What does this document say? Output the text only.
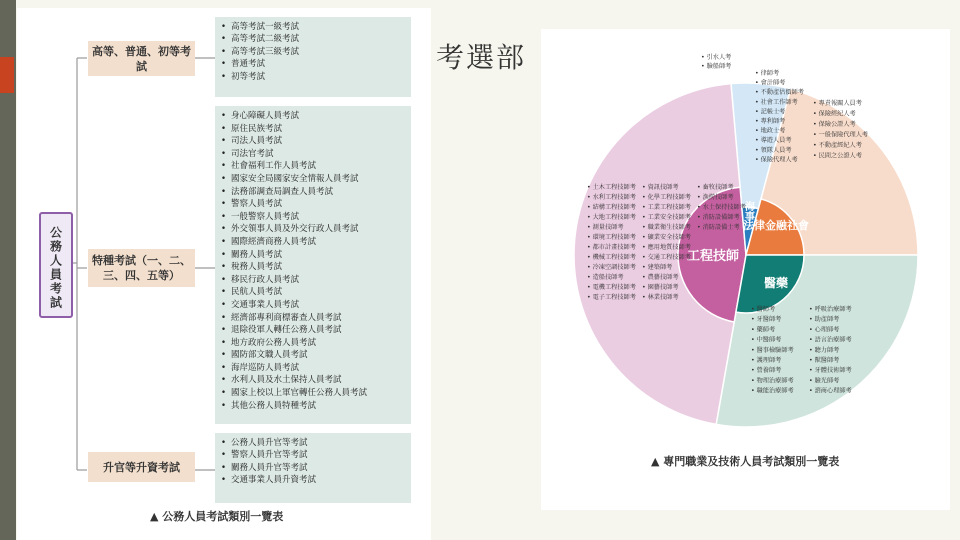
公務人員考試
高等、普通、初等考試
特種考試（一、二、三、四、五等）
升官等升資考試
• 高等考試一級考試
• 高等考試二級考試
• 高等考試三級考試
• 普通考試
• 初等考試
• 身心障礙人員考試
• 原住民族考試
• 司法人員考試
• 司法官考試
• 社會福利工作人員考試
• 國家安全局國家安全情報人員考試
• 法務部調查局調查人員考試
• 警察人員考試
• 一般警察人員考試
• 外交領事人員及外交行政人員考試
• 國際經濟商務人員考試
• 關務人員考試
• 稅務人員考試
• 移民行政人員考試
• 民航人員考試
• 交通事業人員考試
• 經濟部專利商標審查人員考試
• 退除役軍人轉任公務人員考試
• 地方政府公務人員考試
• 國防部文職人員考試
• 海岸巡防人員考試
• 水利人員及水土保持人員考試
• 國家上校以上軍官轉任公務人員考試
• 其他公務人員特種考試
• 公務人員升官等考試
• 警察人員升官等考試
• 關務人員升官等考試
• 交通事業人員升資考試
▲ 公務人員考試類別一覽表
考選部
工程技師
海事
法律金融社會
醫藥
• 引水人考
• 驗船師考
• 律師考
• 會計師考
• 不動產估價師考
• 社會工作師考
• 記帳士考
• 專利師考
• 地政士考
• 導遊人員考
• 領隊人員考
• 保險代理人考
• 專責報關人員考
• 保險經紀人考
• 保險公證人考
• 一般保險代理人考
• 不動產經紀人考
• 民間之公證人考
• 土木工程技師考
• 水利工程技師考
• 結構工程技師考
• 大地工程技師考
• 測量技師考
• 環境工程技師考
• 都市計畫技師考
• 機械工程技師考
• 冷凍空調技師考
• 造船技師考
• 電機工程技師考
• 電子工程技師考
• 資訊技師考
• 化學工程技師考
• 工業工程技師考
• 工業安全技師考
• 職業衛生技師考
• 礦業安全技師考
• 應用地質技師考
• 交通工程技師考
• 建築師考
• 農藝技師考
• 園藝技師考
• 林業技師考
• 畜牧技師考
• 漁撈技師考
• 水土保持技師考
• 消防設備師考
• 消防設備士考
• 醫師考
• 牙醫師考
• 藥師考
• 中醫師考
• 醫事檢驗師考
• 護理師考
• 營養師考
• 物理治療師考
• 職能治療師考
• 呼吸治療師考
• 助產師考
• 心理師考
• 語言治療師考
• 聽力師考
• 獸醫師考
• 牙體技術師考
• 驗光師考
• 諮商心理師考
▲ 專門職業及技術人員考試類別一覽表
